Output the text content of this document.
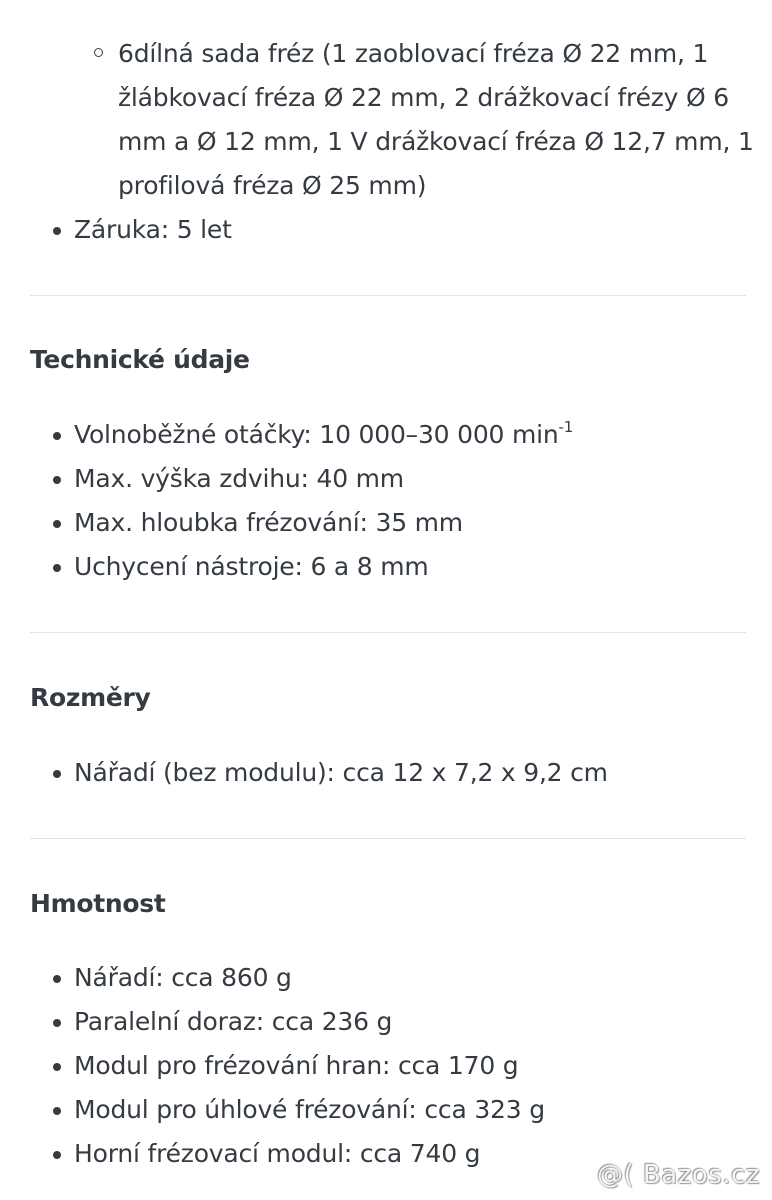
6dílná sada fréz (1 zaoblovací fréza Ø 22 mm, 1
žlábkovací fréza Ø 22 mm, 2 drážkovací frézy Ø 6
mm a Ø 12 mm, 1 V drážkovací fréza Ø 12,7 mm, 1
profilová fréza Ø 25 mm)
Záruka: 5 let
Technické údaje
Volnoběžné otáčky: 10 000–30 000 $\min^{-1}$
Max. výška zdvihu: 40 mm
Max. hloubka frézování: 35 mm
Uchycení nástroje: 6 a 8 mm
Rozměry
Nářadí (bez modulu): cca 12 x 7,2 x 9,2 cm
Hmotnost
Nářadí: cca 860 g
Paralelní doraz: cca 236 g
Modul pro frézování hran: cca 170 g
Modul pro úhlové frézování: cca 323 g
Horní frézovací modul: cca 740 g
@( Bazos.cz
